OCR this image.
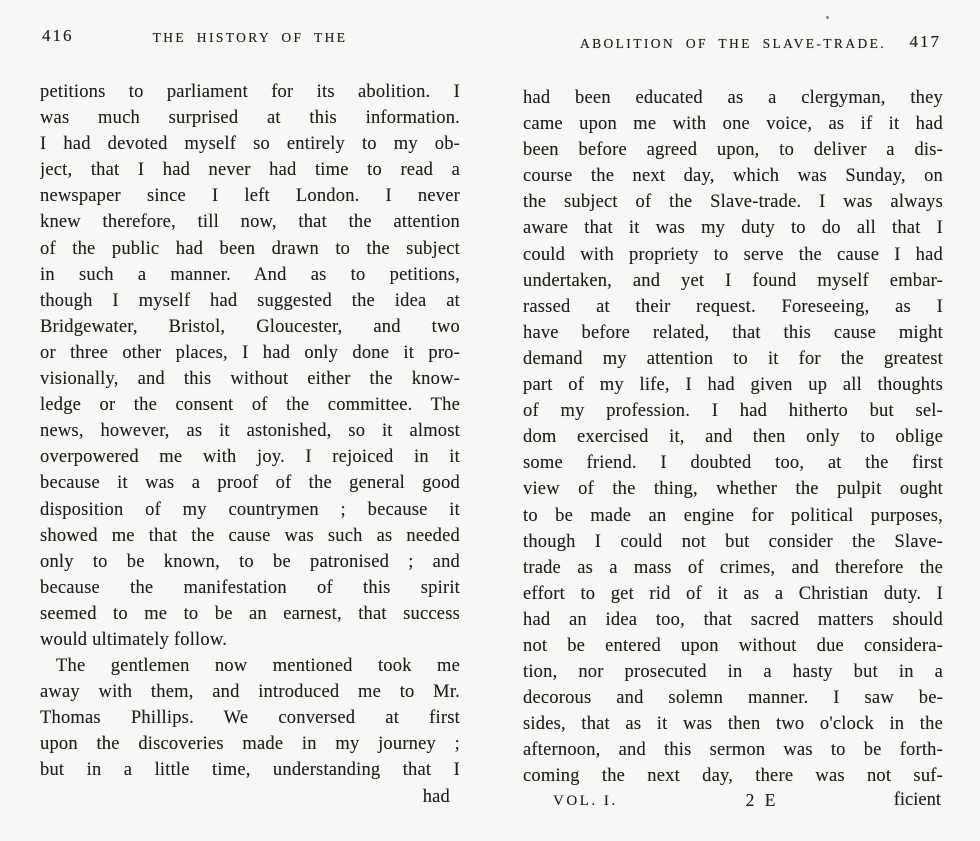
416	THE HISTORY OF THE
petitions to parliament for its abolition. I
was much surprised at this information.
I had devoted myself so entirely to my ob-
ject, that I had never had time to read a
newspaper since I left London. I never
knew therefore, till now, that the attention
of the public had been drawn to the subject
in such a manner. And as to petitions,
though I myself had suggested the idea at
Bridgewater, Bristol, Gloucester, and two
or three other places, I had only done it pro-
visionally, and this without either the know-
ledge or the consent of the committee. The
news, however, as it astonished, so it almost
overpowered me with joy. I rejoiced in it
because it was a proof of the general good
disposition of my countrymen ; because it
showed me that the cause was such as needed
only to be known, to be patronised ; and
because the manifestation of this spirit
seemed to me to be an earnest, that success
would ultimately follow.
The gentlemen now mentioned took me
away with them, and introduced me to Mr.
Thomas Phillips. We conversed at first
upon the discoveries made in my journey ;
but in a little time, understanding that I
had
ABOLITION OF THE SLAVE-TRADE.	417
had been educated as a clergyman, they
came upon me with one voice, as if it had
been before agreed upon, to deliver a dis-
course the next day, which was Sunday, on
the subject of the Slave-trade. I was always
aware that it was my duty to do all that I
could with propriety to serve the cause I had
undertaken, and yet I found myself embar-
rassed at their request. Foreseeing, as I
have before related, that this cause might
demand my attention to it for the greatest
part of my life, I had given up all thoughts
of my profession. I had hitherto but sel-
dom exercised it, and then only to oblige
some friend. I doubted too, at the first
view of the thing, whether the pulpit ought
to be made an engine for political purposes,
though I could not but consider the Slave-
trade as a mass of crimes, and therefore the
effort to get rid of it as a Christian duty. I
had an idea too, that sacred matters should
not be entered upon without due considera-
tion, nor prosecuted in a hasty but in a
decorous and solemn manner. I saw be-
sides, that as it was then two o'clock in the
afternoon, and this sermon was to be forth-
coming the next day, there was not suf-
VOL. I.	2 E	ficient
